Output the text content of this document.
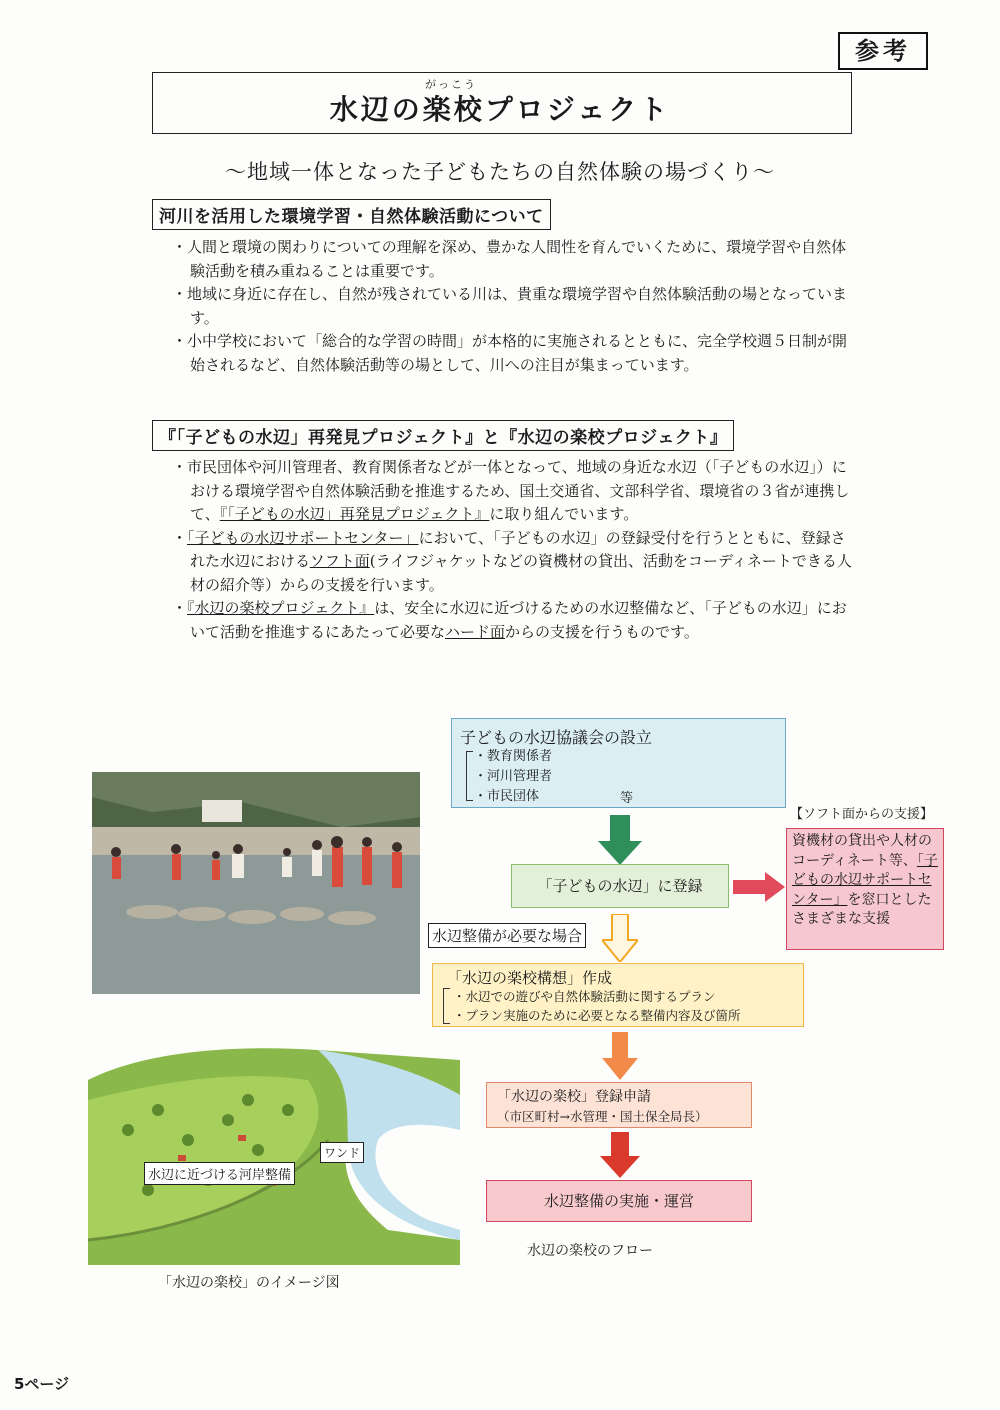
参考
がっこう
水辺の楽校プロジェクト
～地域一体となった子どもたちの自然体験の場づくり～
河川を活用した環境学習・自然体験活動について

・人間と環境の関わりについての理解を深め、豊かな人間性を育んでいくために、環境学習や自然体験活動を積み重ねることは重要です。

・地域に身近に存在し、自然が残されている川は、貴重な環境学習や自然体験活動の場となっています。

・小中学校において「総合的な学習の時間」が本格的に実施されるとともに、完全学校週５日制が開始されるなど、自然体験活動等の場として、川への注目が集まっています。

『「子どもの水辺」再発見プロジェクト』と『水辺の楽校プロジェクト』

・市民団体や河川管理者、教育関係者などが一体となって、地域の身近な水辺（「子どもの水辺」）における環境学習や自然体験活動を推進するため、国土交通省、文部科学省、環境省の３省が連携して、『「子どもの水辺」再発見プロジェクト』に取り組んでいます。

・「子どもの水辺サポートセンター」において、「子どもの水辺」の登録受付を行うとともに、登録された水辺におけるソフト面(ライフジャケットなどの資機材の貸出、活動をコーディネートできる人材の紹介等）からの支援を行います。

・『水辺の楽校プロジェクト』は、安全に水辺に近づけるための水辺整備など、「子どもの水辺」において活動を推進するにあたって必要なハード面からの支援を行うものです。

水辺に近づける河岸整備
ワンド
「水辺の楽校」のイメージ図
子どもの水辺協議会の設立
・教育関係者
・河川管理者
・市民団体	等
「子どもの水辺」に登録
【ソフト面からの支援】
資機材の貸出や人材のコーディネート等、「子どもの水辺サポートセンター」を窓口としたさまざまな支援
水辺整備が必要な場合
「水辺の楽校構想」作成
・水辺での遊びや自然体験活動に関するプラン
・プラン実施のために必要となる整備内容及び箇所
「水辺の楽校」登録申請
（市区町村→水管理・国土保全局長）
水辺整備の実施・運営
水辺の楽校のフロー
5ページ
